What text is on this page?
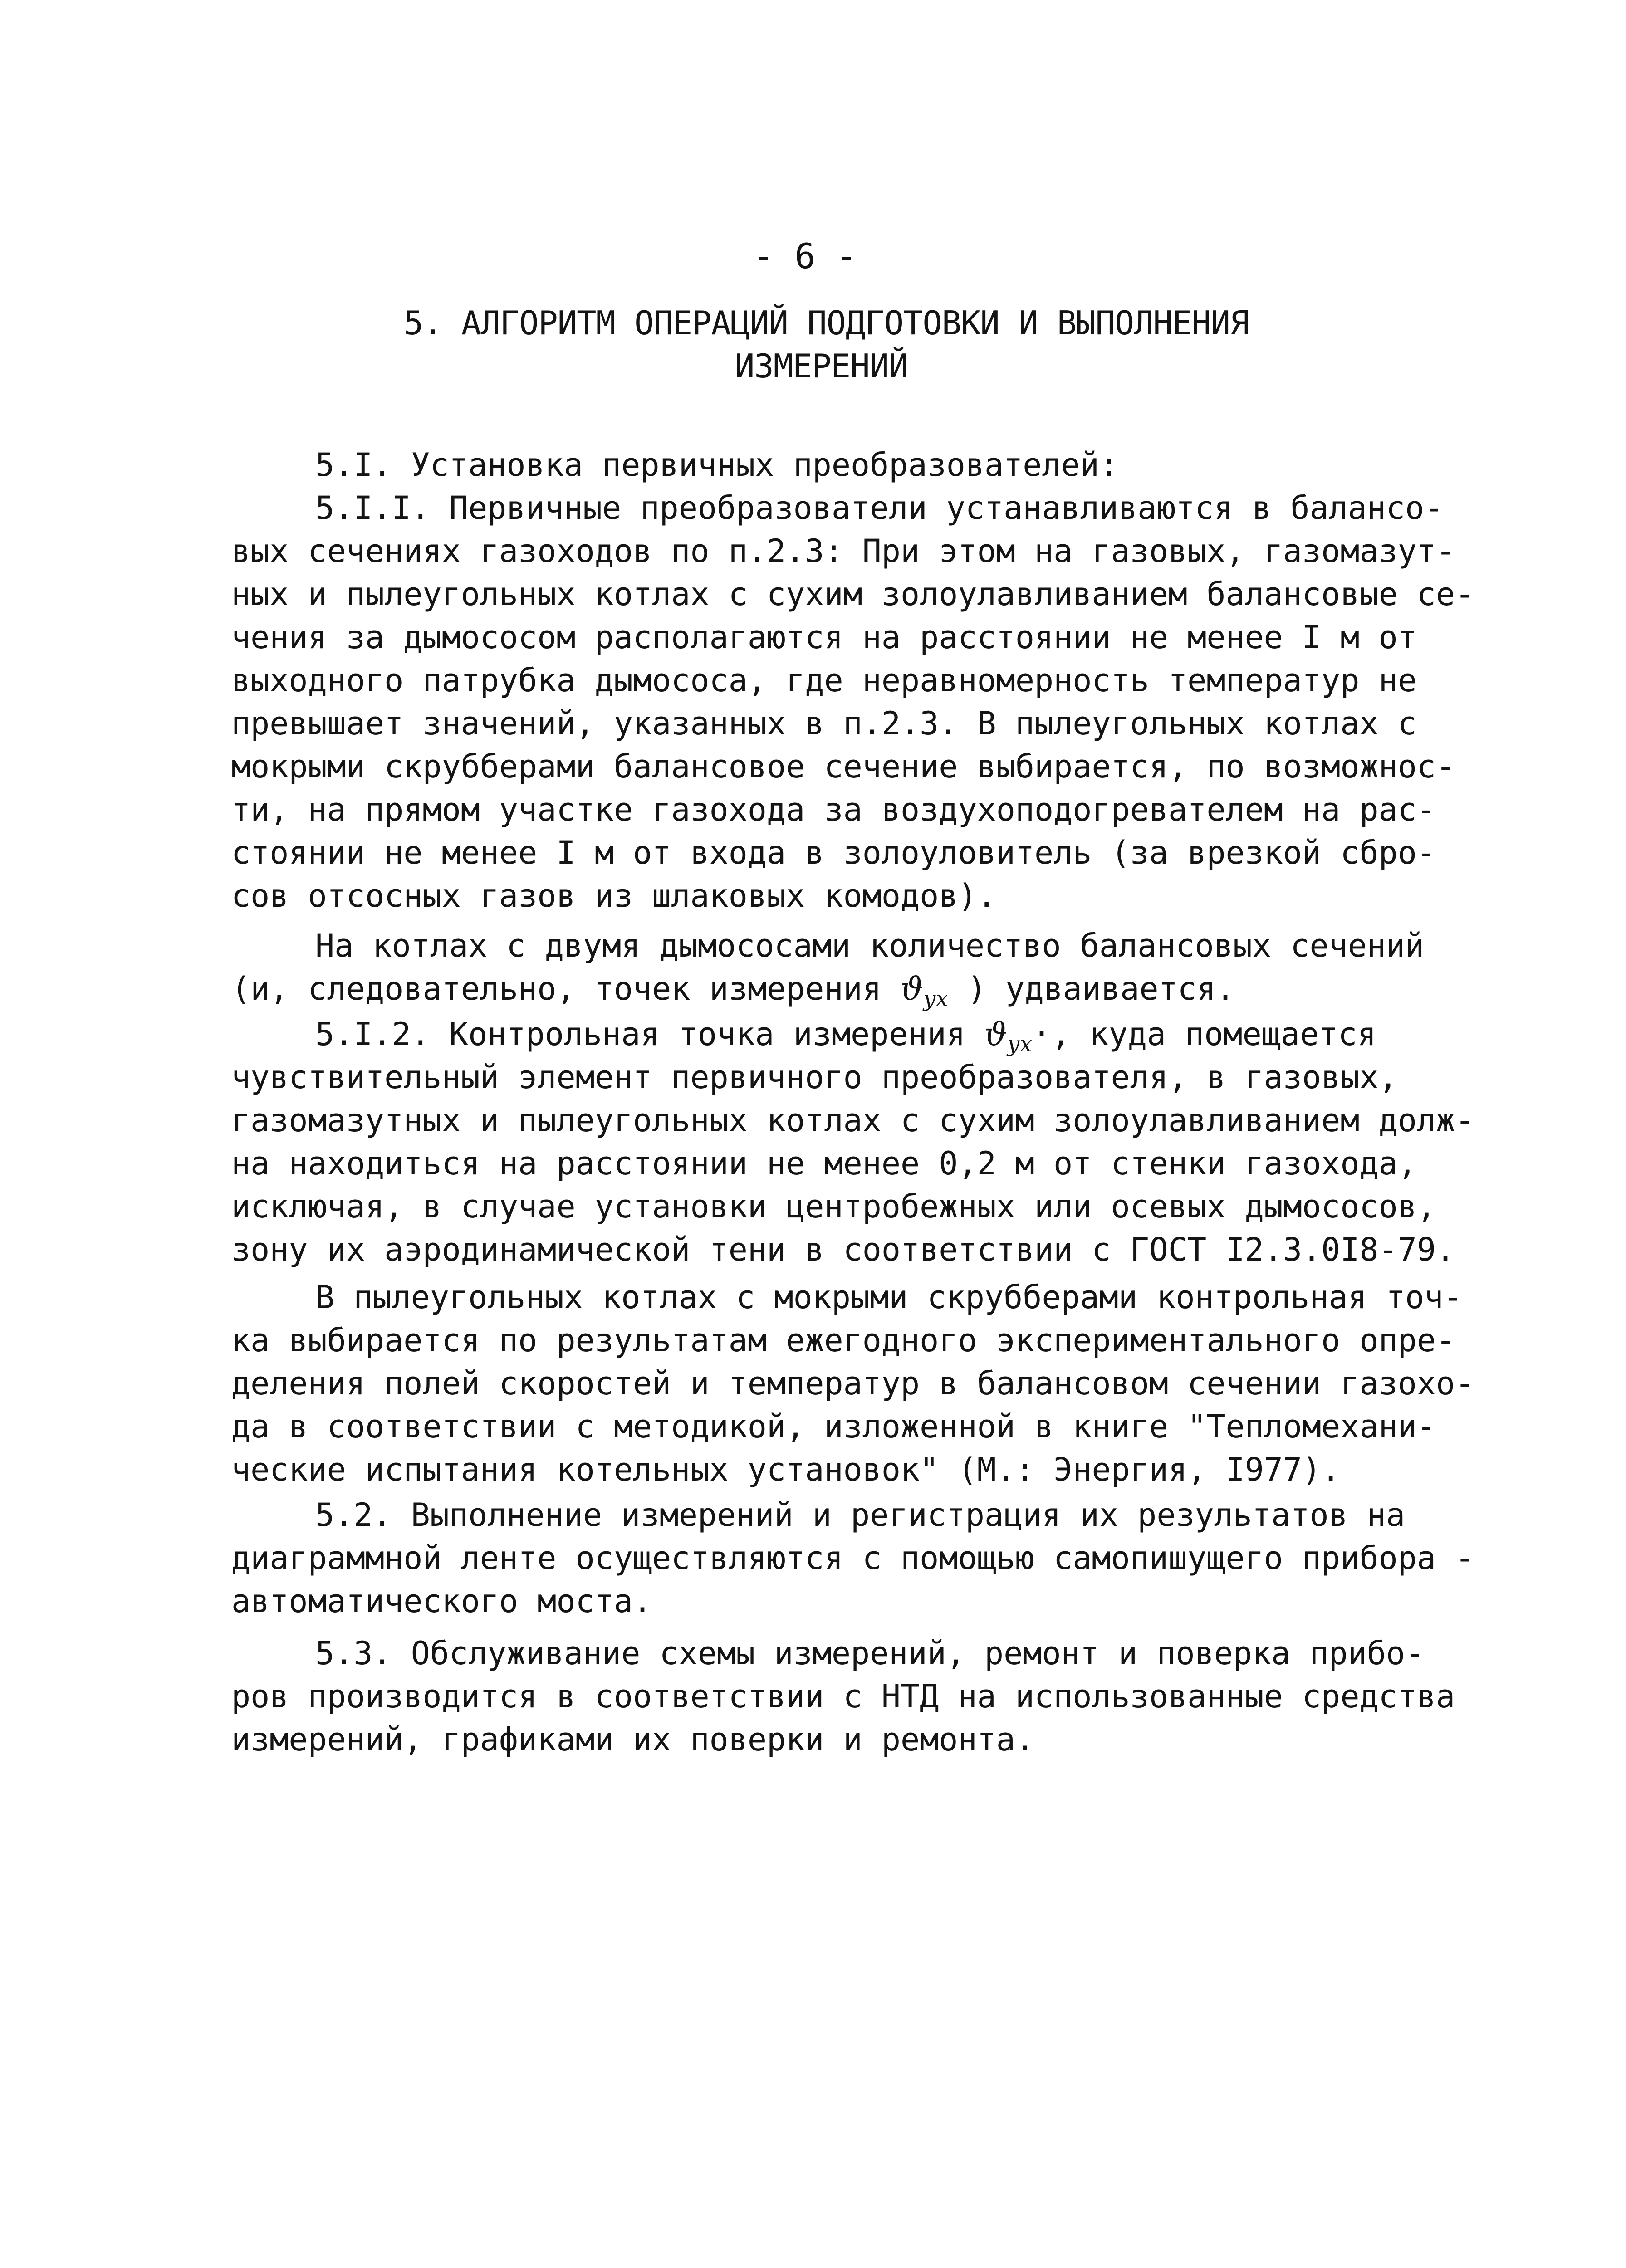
- 6 -
5. АЛГОРИТМ ОПЕРАЦИЙ ПОДГОТОВКИ И ВЫПОЛНЕНИЯ
ИЗМЕРЕНИЙ
5.I. Установка первичных преобразователей:
5.I.I. Первичные преобразователи устанавливаются в балансо-
вых сечениях газоходов по п.2.3: При этом на газовых, газомазут-
ных и пылеугольных котлах с сухим золоулавливанием балансовые се-
чения за дымососом располагаются на расстоянии не менее I м от
выходного патрубка дымососа, где неравномерность температур не
превышает значений, указанных в п.2.3. В пылеугольных котлах с
мокрыми скрубберами балансовое сечение выбирается, по возможнос-
ти, на прямом участке газохода за воздухоподогревателем на рас-
стоянии не менее I м от входа в золоуловитель (за врезкой сбро-
сов отсосных газов из шлаковых комодов).
На котлах с двумя дымососами количество балансовых сечений
(и, следовательно, точек измерения $ϑ_{ух}$ ) удваивается.
5.I.2. Контрольная точка измерения $ϑ_{ух}\cdot$, куда помещается
чувствительный элемент первичного преобразователя, в газовых,
газомазутных и пылеугольных котлах с сухим золоулавливанием долж-
на находиться на расстоянии не менее 0,2 м от стенки газохода,
исключая, в случае установки центробежных или осевых дымососов,
зону их аэродинамической тени в соответствии с ГОСТ I2.3.0I8-79.
В пылеугольных котлах с мокрыми скрубберами контрольная точ-
ка выбирается по результатам ежегодного экспериментального опре-
деления полей скоростей и температур в балансовом сечении газохо-
да в соответствии с методикой, изложенной в книге "Тепломехани-
ческие испытания котельных установок" (М.: Энергия, I977).
5.2. Выполнение измерений и регистрация их результатов на
диаграммной ленте осуществляются с помощью самопишущего прибора -
автоматического моста.
5.3. Обслуживание схемы измерений, ремонт и поверка прибо-
ров производится в соответствии с НТД на использованные средства
измерений, графиками их поверки и ремонта.
